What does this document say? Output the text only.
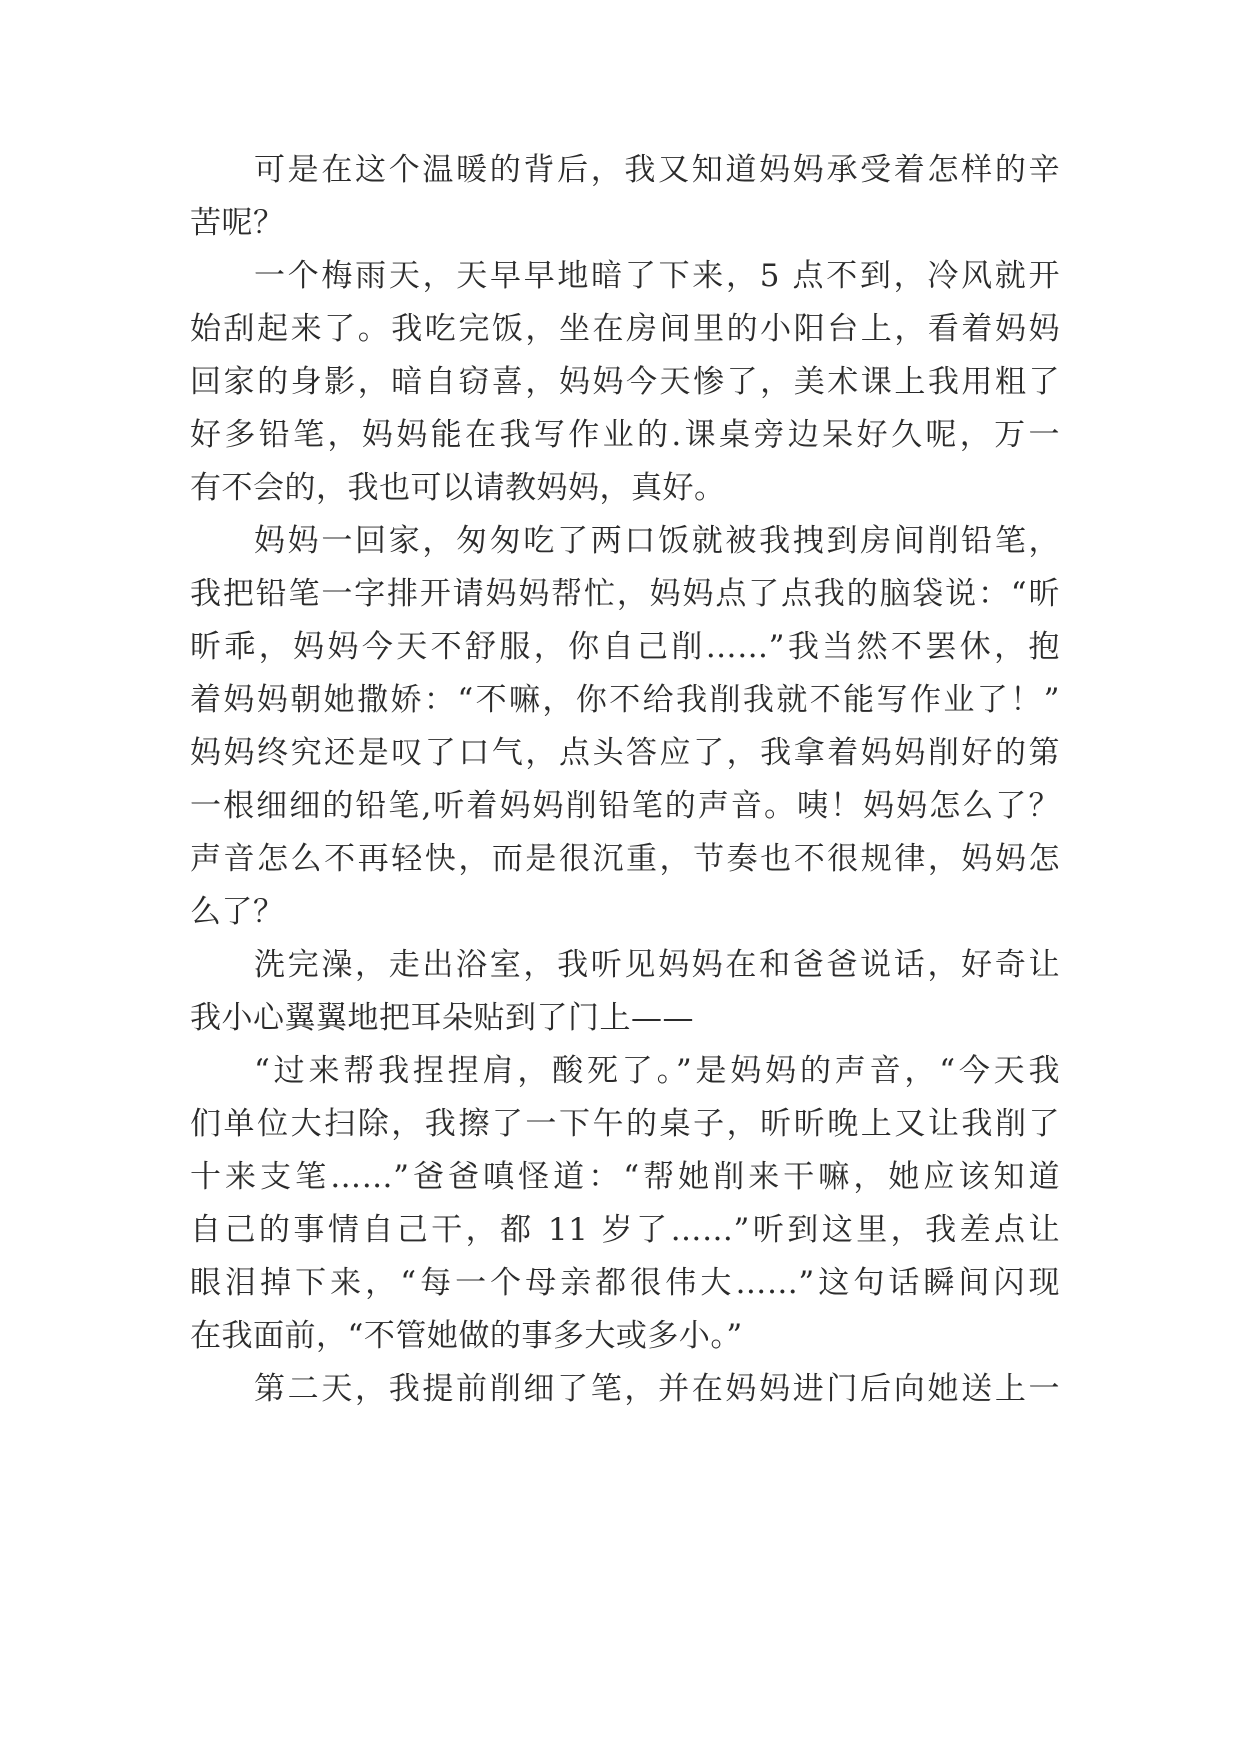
可是在这个温暖的背后，我又知道妈妈承受着怎样的辛
苦呢？
一个梅雨天，天早早地暗了下来，5 点不到，冷风就开
始刮起来了。我吃完饭，坐在房间里的小阳台上，看着妈妈
回家的身影，暗自窃喜，妈妈今天惨了，美术课上我用粗了
好多铅笔，妈妈能在我写作业的.课桌旁边呆好久呢，万一
有不会的，我也可以请教妈妈，真好。
妈妈一回家，匆匆吃了两口饭就被我拽到房间削铅笔，
我把铅笔一字排开请妈妈帮忙，妈妈点了点我的脑袋说：“昕
昕乖，妈妈今天不舒服，你自己削……”我当然不罢休，抱
着妈妈朝她撒娇：“不嘛，你不给我削我就不能写作业了！”
妈妈终究还是叹了口气，点头答应了，我拿着妈妈削好的第
一根细细的铅笔,听着妈妈削铅笔的声音。咦！妈妈怎么了？
声音怎么不再轻快，而是很沉重，节奏也不很规律，妈妈怎
么了？
洗完澡，走出浴室，我听见妈妈在和爸爸说话，好奇让
我小心翼翼地把耳朵贴到了门上——
“过来帮我捏捏肩，酸死了。”是妈妈的声音，“今天我
们单位大扫除，我擦了一下午的桌子，昕昕晚上又让我削了
十来支笔……”爸爸嗔怪道：“帮她削来干嘛，她应该知道
自己的事情自己干，都 11 岁了……”听到这里，我差点让
眼泪掉下来，“每一个母亲都很伟大……”这句话瞬间闪现
在我面前，“不管她做的事多大或多小。”
第二天，我提前削细了笔，并在妈妈进门后向她送上一
